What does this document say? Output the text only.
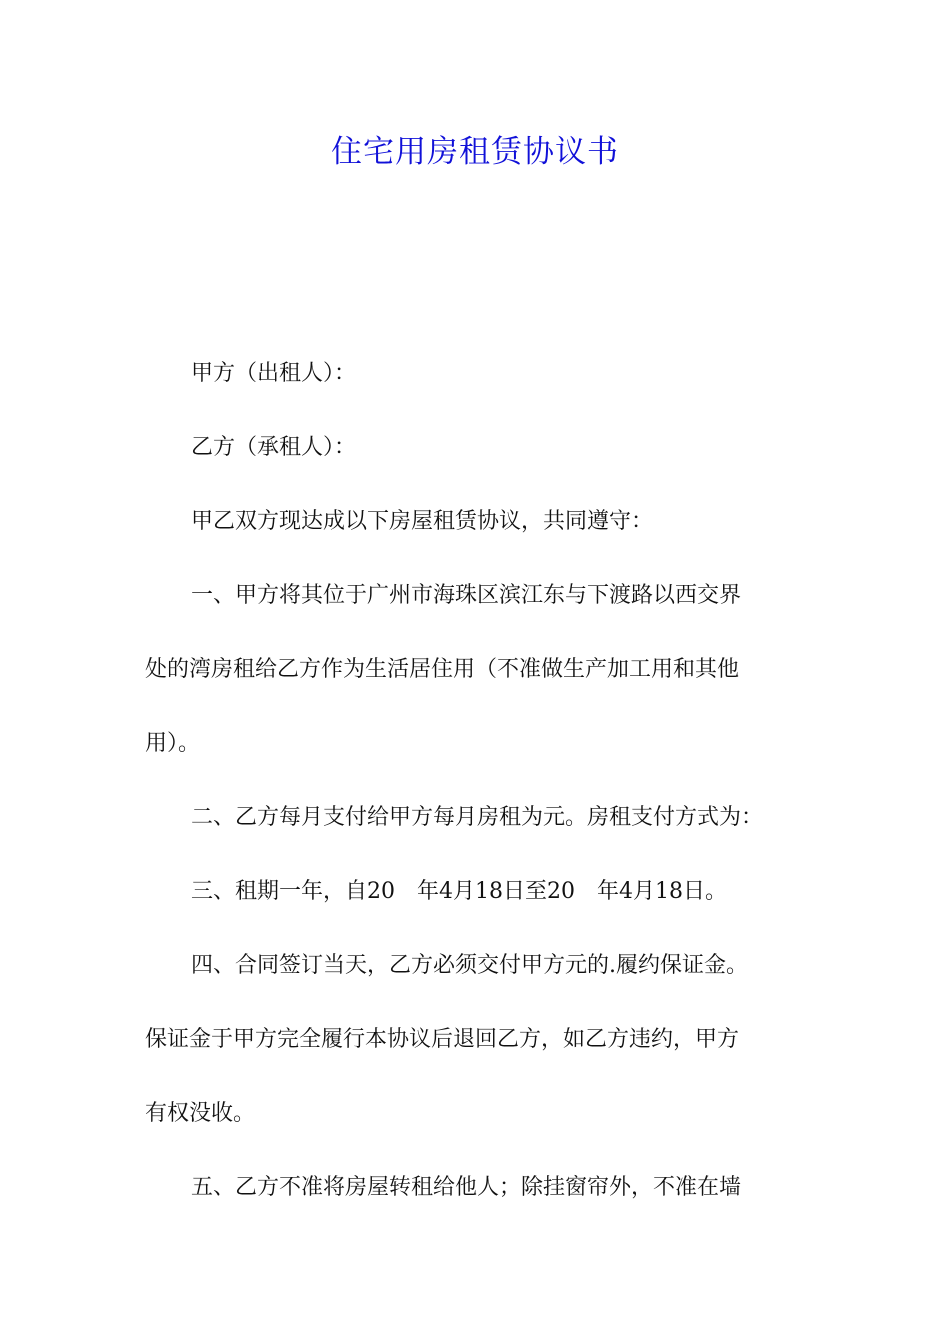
住宅用房租赁协议书
甲方（出租人）：
乙方（承租人）：
甲乙双方现达成以下房屋租赁协议，共同遵守：
一、甲方将其位于广州市海珠区滨江东与下渡路以西交界
处的湾房租给乙方作为生活居住用（不准做生产加工用和其他
用）。
二、乙方每月支付给甲方每月房租为元。房租支付方式为：
三、租期一年，自20　年4月18日至20　年4月18日。
四、合同签订当天，乙方必须交付甲方元的.履约保证金。
保证金于甲方完全履行本协议后退回乙方，如乙方违约，甲方
有权没收。
五、乙方不准将房屋转租给他人；除挂窗帘外，不准在墙
